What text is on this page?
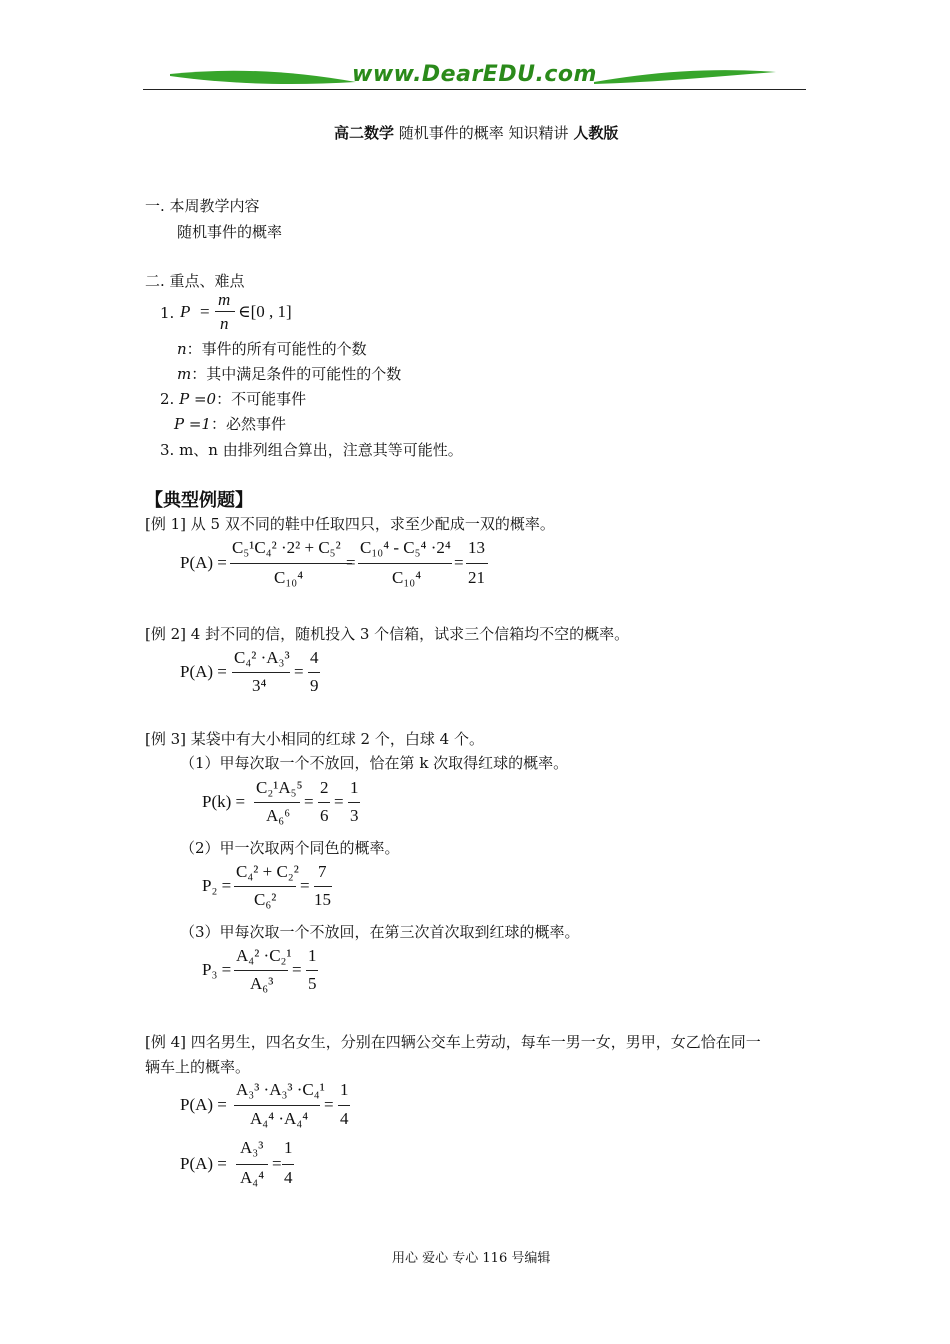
www.DearEDU.com
高二数学 随机事件的概率 知识精讲 人教版
一. 本周教学内容
随机事件的概率
二. 重点、难点
1. P =
m
n
∈[0 , 1]
n：事件的所有可能性的个数
m：其中满足条件的可能性的个数
2. P =0：不可能事件
P =1：必然事件
3. m、n 由排列组合算出，注意其等可能性。
【典型例题】
[例 1] 从 5 双不同的鞋中任取四只，求至少配成一双的概率。
P(A) =
C₅¹C₄² ·2² + C₅²
C₁₀⁴
=
C₁₀⁴ - C₅⁴ ·2⁴
C₁₀⁴
=
13
21
[例 2] 4 封不同的信，随机投入 3 个信箱，试求三个信箱均不空的概率。
P(A) =
C₄² ·A₃³
3⁴
=
4
9
[例 3] 某袋中有大小相同的红球 2 个，白球 4 个。
（1）甲每次取一个不放回，恰在第 k 次取得红球的概率。
P(k) =
C₂¹A₅⁵
A₆⁶
=
2
6
=
1
3
（2）甲一次取两个同色的概率。
P₂ =
C₄² + C₂²
C₆²
=
7
15
（3）甲每次取一个不放回，在第三次首次取到红球的概率。
P₃ =
A₄² ·C₂¹
A₆³
=
1
5
[例 4] 四名男生，四名女生，分别在四辆公交车上劳动，每车一男一女，男甲，女乙恰在同一
辆车上的概率。
P(A) =
A₃³ ·A₃³ ·C₄¹
A₄⁴ ·A₄⁴
=
1
4
P(A) =
A₃³
A₄⁴
=
1
4
用心 爱心 专心 116 号编辑
